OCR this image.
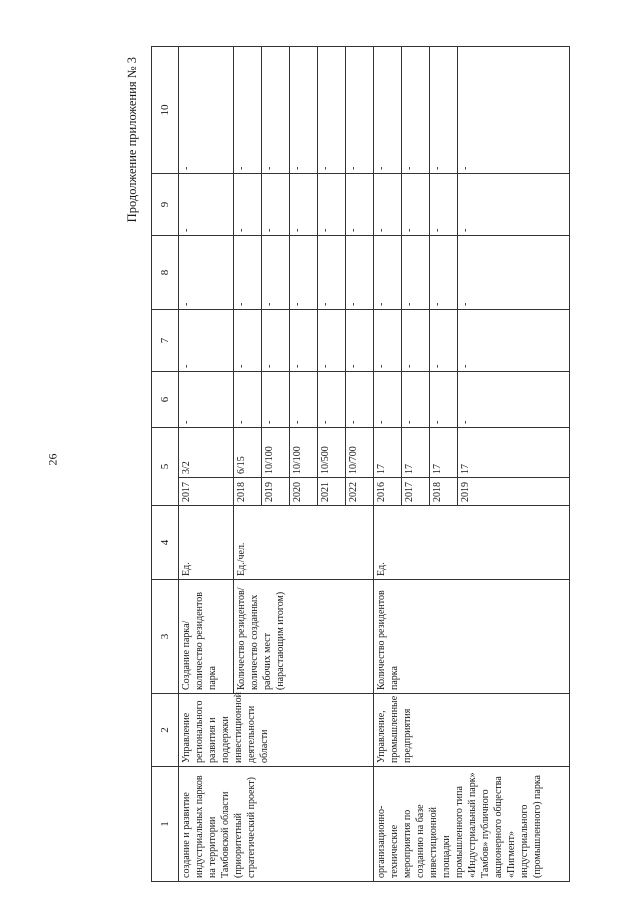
26
Продолжение приложения № 3
1	2	3	4	5		6	7	8	9	10
создание и развитие индустриальных парков на территории Тамбовской области (приоритетный стратегический проект)	Управление регионального развития и поддержки инвестиционной деятельности области	Создание парка/количество резидентов парка	Ед.	2017	3/2	-	-	-	-	-
		Количество резидентов/количество созданных рабочих мест (нарастающим итогом)	Ед./чел.	2018	6/15	-	-	-	-	-
				2019	10/100	-	-	-	-	-
				2020	10/100	-	-	-	-	-
				2021	10/500	-	-	-	-	-
				2022	10/700	-	-	-	-	-
организационно-технические мероприятия по созданию на базе инвестиционной площадки промышленного типа «Индустриальный парк» Тамбов» публичного акционерного общества «Пигмент» индустриального (промышленного) парка	Управление, промышленные предприятия	Количество резидентов парка	Ед.	2016	17	-	-	-	-	-
				2017	17	-	-	-	-	-
				2018	17	-	-	-	-	-
				2019	17	-	-	-	-	-
